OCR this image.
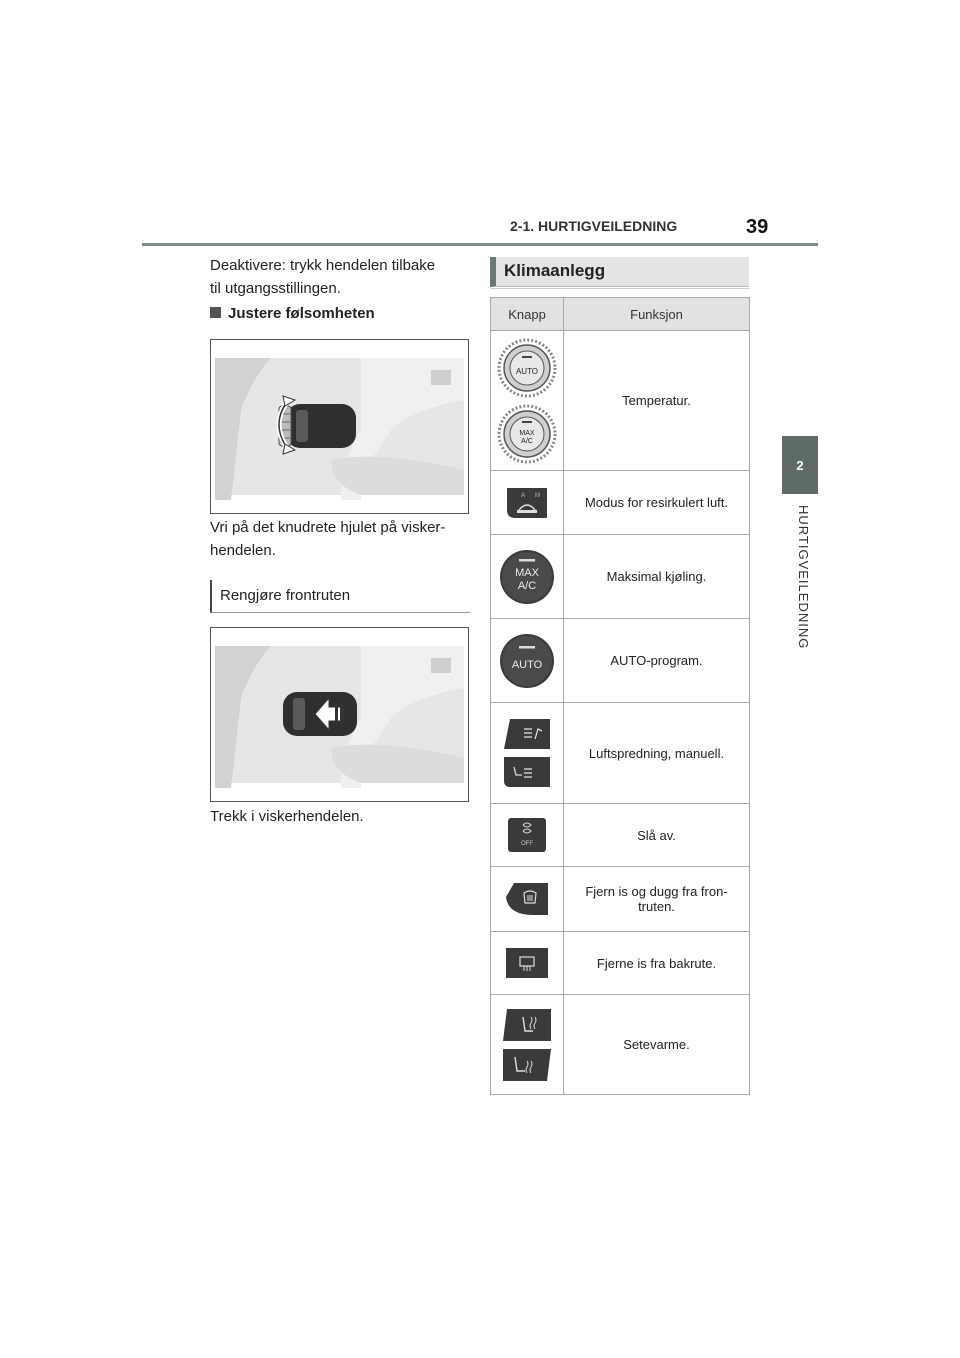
2-1. HURTIGVEILEDNING	39
2
HURTIGVEILEDNING
Deaktivere: trykk hendelen tilbake
til utgangsstillingen.
Justere følsomheten
Vri på det knudrete hjulet på visker-
hendelen.
Rengjøre frontruten
Trekk i viskerhendelen.
Klimaanlegg
Knapp	Funksjon

AUTO
MAX
A/C	Temperatur.

A M	Modus for resirkulert luft.

MAX
A/C	Maksimal kjøling.

AUTO	AUTO-program.

	Luftspredning, manuell.

OFF	Slå av.

Fjern is og dugg fra fron-
truten.

	Fjerne is fra bakrute.

	Setevarme.
